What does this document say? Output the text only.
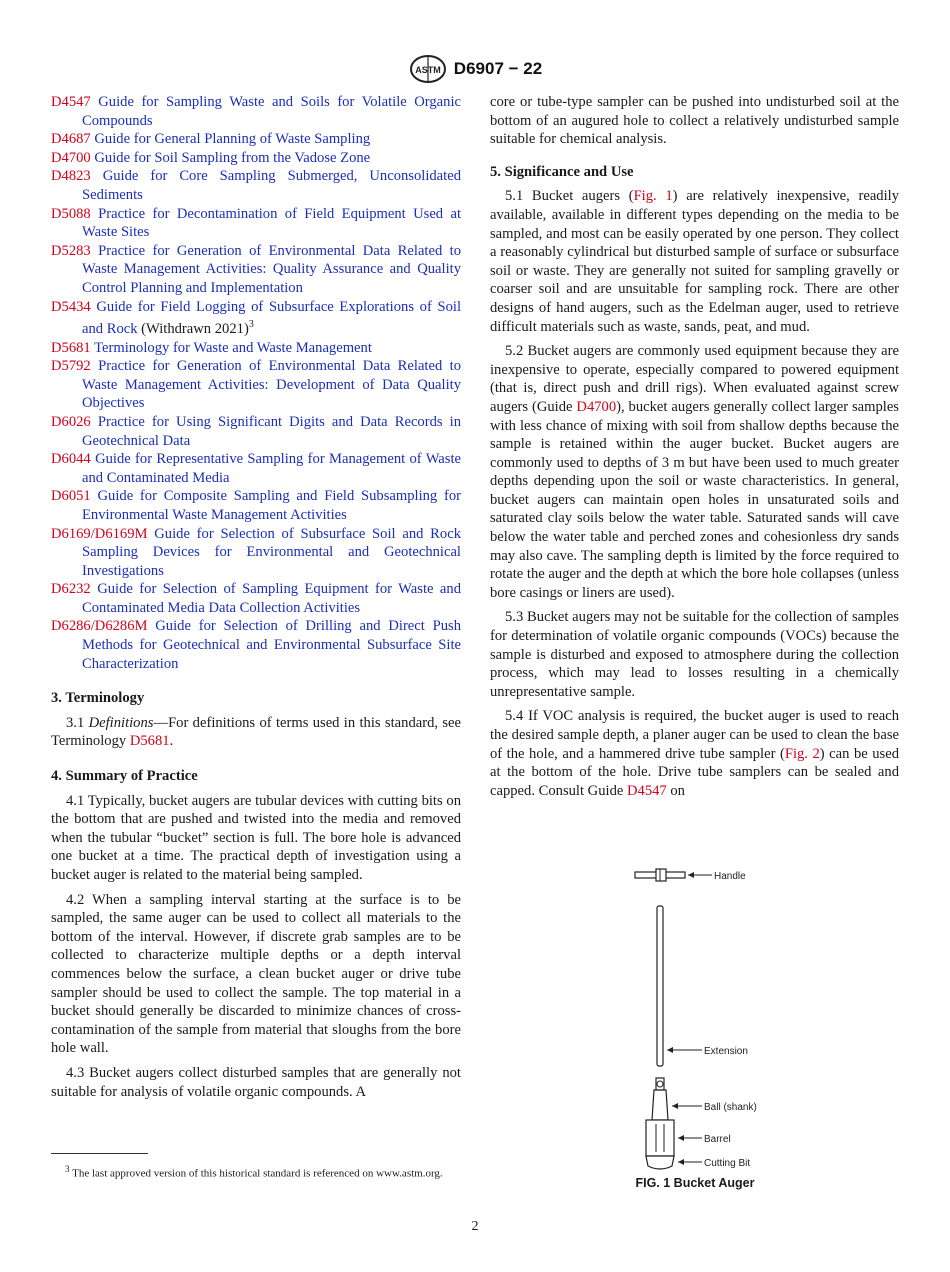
ASTM D6907 − 22

D4547 Guide for Sampling Waste and Soils for Volatile Organic Compounds

D4687 Guide for General Planning of Waste Sampling

D4700 Guide for Soil Sampling from the Vadose Zone

D4823 Guide for Core Sampling Submerged, Unconsolidated Sediments

D5088 Practice for Decontamination of Field Equipment Used at Waste Sites

D5283 Practice for Generation of Environmental Data Related to Waste Management Activities: Quality Assurance and Quality Control Planning and Implementation

D5434 Guide for Field Logging of Subsurface Explorations of Soil and Rock (Withdrawn 2021)$^3$

D5681 Terminology for Waste and Waste Management

D5792 Practice for Generation of Environmental Data Related to Waste Management Activities: Development of Data Quality Objectives

D6026 Practice for Using Significant Digits and Data Records in Geotechnical Data

D6044 Guide for Representative Sampling for Management of Waste and Contaminated Media

D6051 Guide for Composite Sampling and Field Subsampling for Environmental Waste Management Activities

D6169/D6169M Guide for Selection of Subsurface Soil and Rock Sampling Devices for Environmental and Geotechnical Investigations

D6232 Guide for Selection of Sampling Equipment for Waste and Contaminated Media Data Collection Activities

D6286/D6286M Guide for Selection of Drilling and Direct Push Methods for Geotechnical and Environmental Subsurface Site Characterization

3. Terminology

3.1 Definitions—For definitions of terms used in this standard, see Terminology D5681.

4. Summary of Practice

4.1 Typically, bucket augers are tubular devices with cutting bits on the bottom that are pushed and twisted into the media and removed when the tubular “bucket” section is full. The bore hole is advanced one bucket at a time. The practical depth of investigation using a bucket auger is related to the material being sampled.

4.2 When a sampling interval starting at the surface is to be sampled, the same auger can be used to collect all materials to the bottom of the interval. However, if discrete grab samples are to be collected to characterize multiple depths or a depth interval commences below the surface, a clean bucket auger or drive tube sampler should be used to collect the sample. The top material in a bucket should generally be discarded to minimize chances of cross-contamination of the sample from material that sloughs from the bore hole wall.

4.3 Bucket augers collect disturbed samples that are generally not suitable for analysis of volatile organic compounds. A

core or tube-type sampler can be pushed into undisturbed soil at the bottom of an augured hole to collect a relatively undisturbed sample suitable for chemical analysis.

5. Significance and Use

5.1 Bucket augers (Fig. 1) are relatively inexpensive, readily available, available in different types depending on the media to be sampled, and most can be easily operated by one person. They collect a reasonably cylindrical but disturbed sample of surface or subsurface soil or waste. They are generally not suited for sampling gravelly or coarser soil and are unsuitable for sampling rock. There are other designs of hand augers, such as the Edelman auger, used to retrieve difficult materials such as waste, sands, peat, and mud.

5.2 Bucket augers are commonly used equipment because they are inexpensive to operate, especially compared to powered equipment (that is, direct push and drill rigs). When evaluated against screw augers (Guide D4700), bucket augers generally collect larger samples with less chance of mixing with soil from shallow depths because the sample is retained within the auger bucket. Bucket augers are commonly used to depths of 3 m but have been used to much greater depths depending upon the soil or waste characteristics. In general, bucket augers can maintain open holes in unsaturated soils and saturated clay soils below the water table. Saturated sands will cave below the water table and perched zones and cohesionless dry sands may also cave. The sampling depth is limited by the force required to rotate the auger and the depth at which the bore hole collapses (unless bore casings or liners are used).

5.3 Bucket augers may not be suitable for the collection of samples for determination of volatile organic compounds (VOCs) because the sample is disturbed and exposed to atmosphere during the collection process, which may lead to losses resulting in a chemically unrepresentative sample.

5.4 If VOC analysis is required, the bucket auger is used to reach the desired sample depth, a planer auger can be used to clean the base of the hole, and a hammered drive tube sampler (Fig. 2) can be used at the bottom of the hole. Drive tube samplers can be sealed and capped. Consult Guide D4547 on

Handle
Extension
Ball (shank)
Barrel
Cutting Bit
FIG. 1 Bucket Auger
$^3$ The last approved version of this historical standard is referenced on www.astm.org.
2
